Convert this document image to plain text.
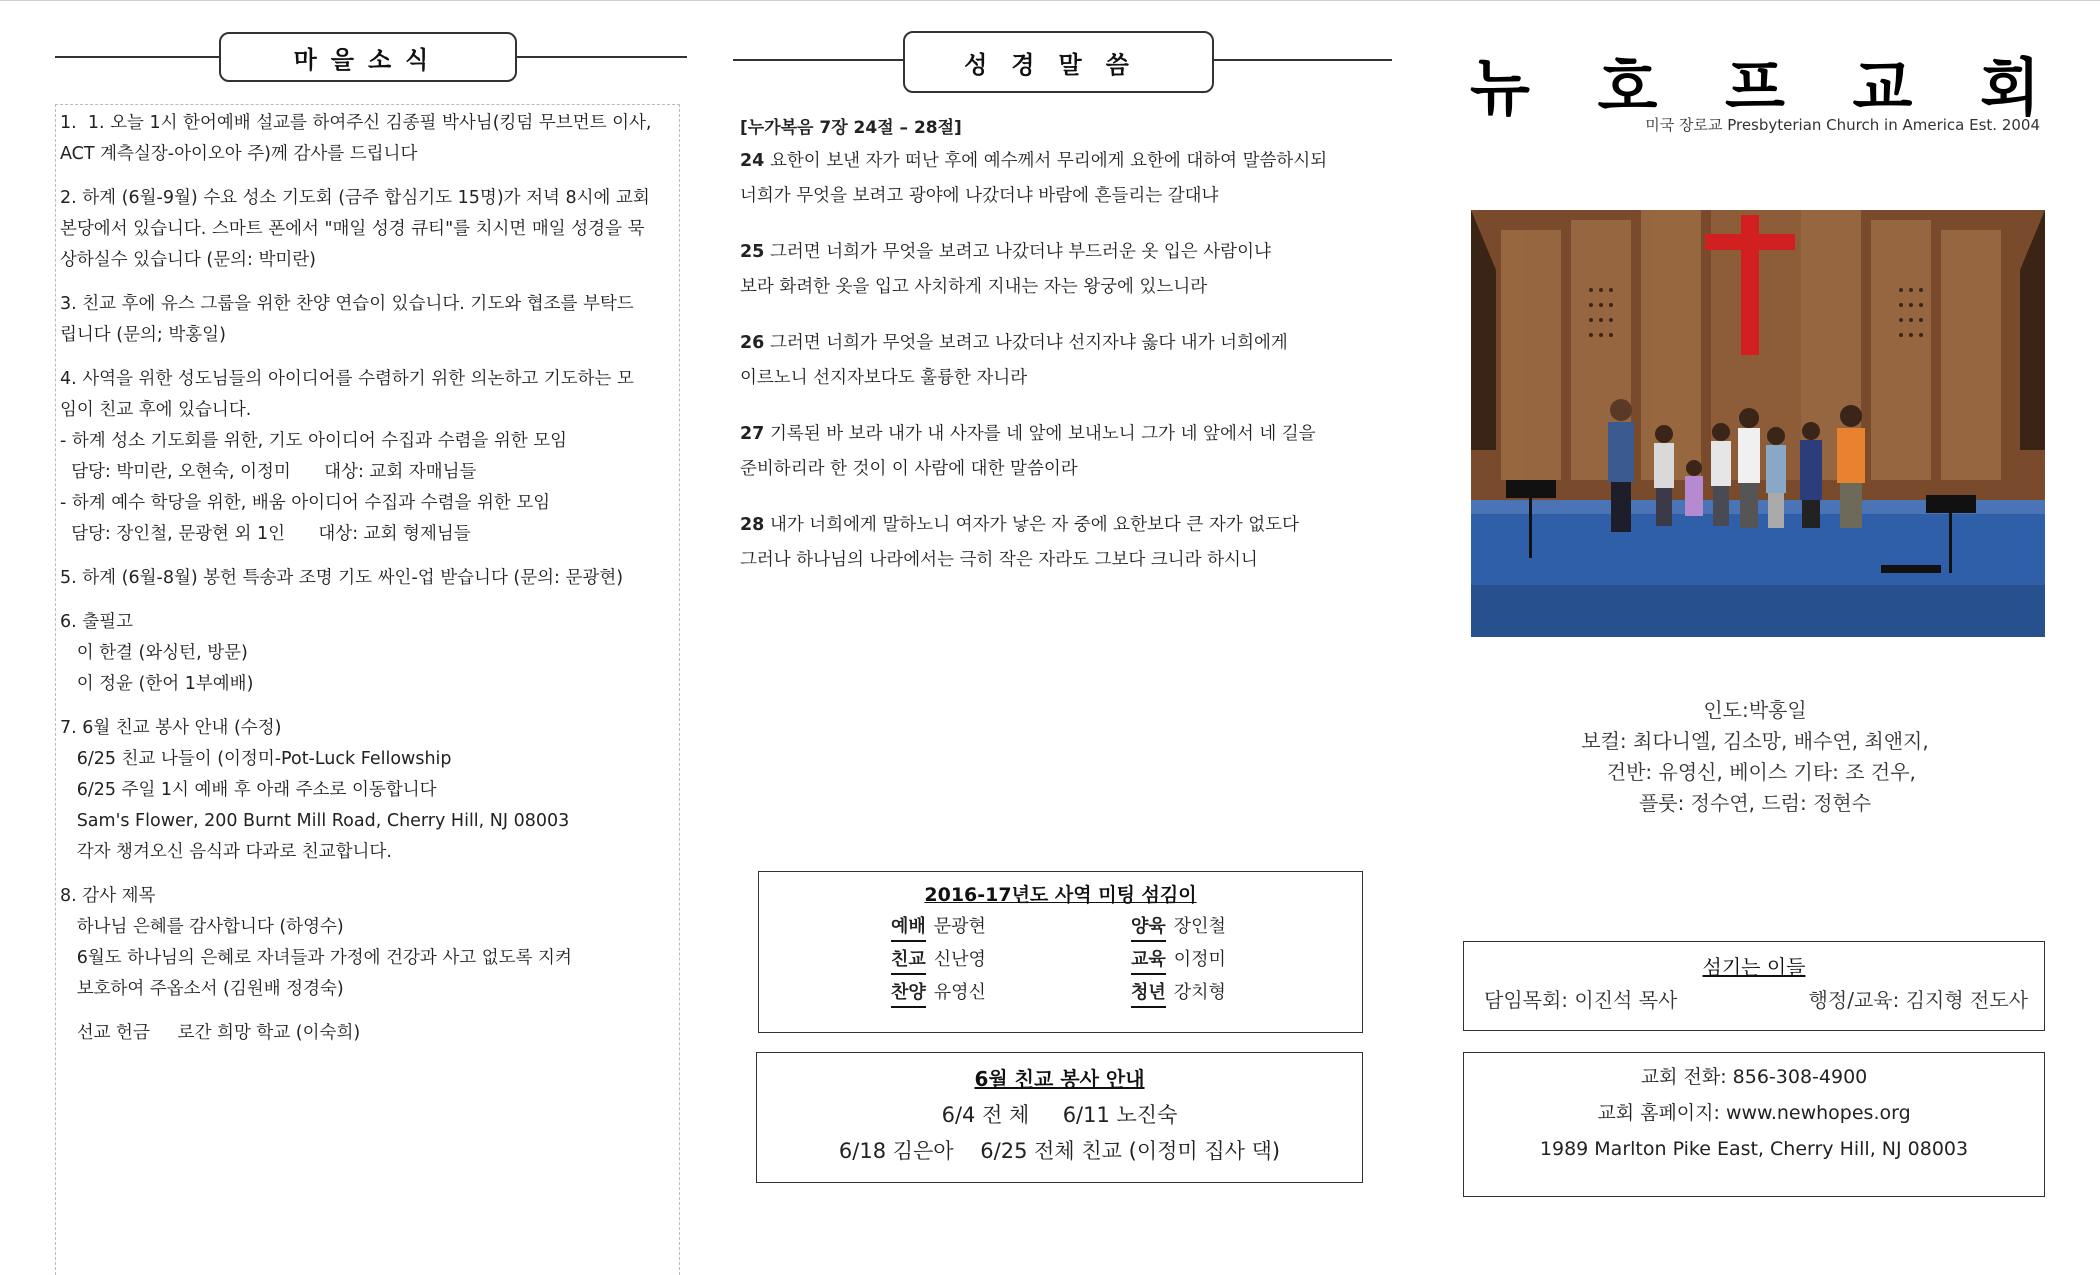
마을소식
1.  1. 오늘 1시 한어예배 설교를 하여주신 김종필 박사님(킹덤 무브먼트 이사,
ACT 계측실장-아이오아 주)께 감사를 드립니다
2. 하계 (6월-9월) 수요 성소 기도회 (금주 합심기도 15명)가 저녁 8시에 교회
본당에서 있습니다. 스마트 폰에서 "매일 성경 큐티"를 치시면 매일 성경을 묵
상하실수 있습니다 (문의: 박미란)
3. 친교 후에 유스 그룹을 위한 찬양 연습이 있습니다. 기도와 협조를 부탁드
립니다 (문의; 박홍일)
4. 사역을 위한 성도님들의 아이디어를 수렴하기 위한 의논하고 기도하는 모
임이 친교 후에 있습니다.
- 하계 성소 기도회를 위한, 기도 아이디어 수집과 수렴을 위한 모임
담당: 박미란, 오현숙, 이정미      대상: 교회 자매님들
- 하계 예수 학당을 위한, 배움 아이디어 수집과 수렴을 위한 모임
담당: 장인철, 문광현 외 1인      대상: 교회 형제님들
5. 하계 (6월-8월) 봉헌 특송과 조명 기도 싸인-업 받습니다 (문의: 문광현)
6. 출필고
이 한결 (와싱턴, 방문)
이 정윤 (한어 1부예배)
7. 6월 친교 봉사 안내 (수정)
6/25 친교 나들이 (이정미-Pot-Luck Fellowship
6/25 주일 1시 예배 후 아래 주소로 이동합니다
Sam's Flower, 200 Burnt Mill Road, Cherry Hill, NJ 08003
각자 챙겨오신 음식과 다과로 친교합니다.
8. 감사 제목
하나님 은혜를 감사합니다 (하영수)
6월도 하나님의 은혜로 자녀들과 가정에 건강과 사고 없도록 지켜
보호하여 주옵소서 (김원배 정경숙)
선교 헌금     로간 희망 학교 (이숙희)
성경말씀
[누가복음 7장 24절 – 28절]
24 요한이 보낸 자가 떠난 후에 예수께서 무리에게 요한에 대하여 말씀하시되
너희가 무엇을 보려고 광야에 나갔더냐 바람에 흔들리는 갈대냐
25 그러면 너희가 무엇을 보려고 나갔더냐 부드러운 옷 입은 사람이냐
보라 화려한 옷을 입고 사치하게 지내는 자는 왕궁에 있느니라
26 그러면 너희가 무엇을 보려고 나갔더냐 선지자냐 옳다 내가 너희에게
이르노니 선지자보다도 훌륭한 자니라
27 기록된 바 보라 내가 내 사자를 네 앞에 보내노니 그가 네 앞에서 네 길을
준비하리라 한 것이 이 사람에 대한 말씀이라
28 내가 너희에게 말하노니 여자가 낳은 자 중에 요한보다 큰 자가 없도다
그러나 하나님의 나라에서는 극히 작은 자라도 그보다 크니라 하시니
2016-17년도 사역 미팅 섬김이
예배 문광현	양육 장인철
친교 신난영	교육 이정미
찬양 유영신	청년 강치형
6월 친교 봉사 안내
6/4 전 체     6/11 노진숙
6/18 김은아    6/25 전체 친교 (이정미 집사 댁)
뉴 호 프 교 회
미국 장로교 Presbyterian Church in America Est. 2004
인도:박홍일
보컬: 최다니엘, 김소망, 배수연, 최앤지,
건반: 유영신, 베이스 기타: 조 건우,
플룻: 정수연, 드럼: 정현수
섬기는 이들
담임목회: 이진석 목사	행정/교육: 김지형 전도사
교회 전화: 856-308-4900
교회 홈페이지: www.newhopes.org
1989 Marlton Pike East, Cherry Hill, NJ 08003
